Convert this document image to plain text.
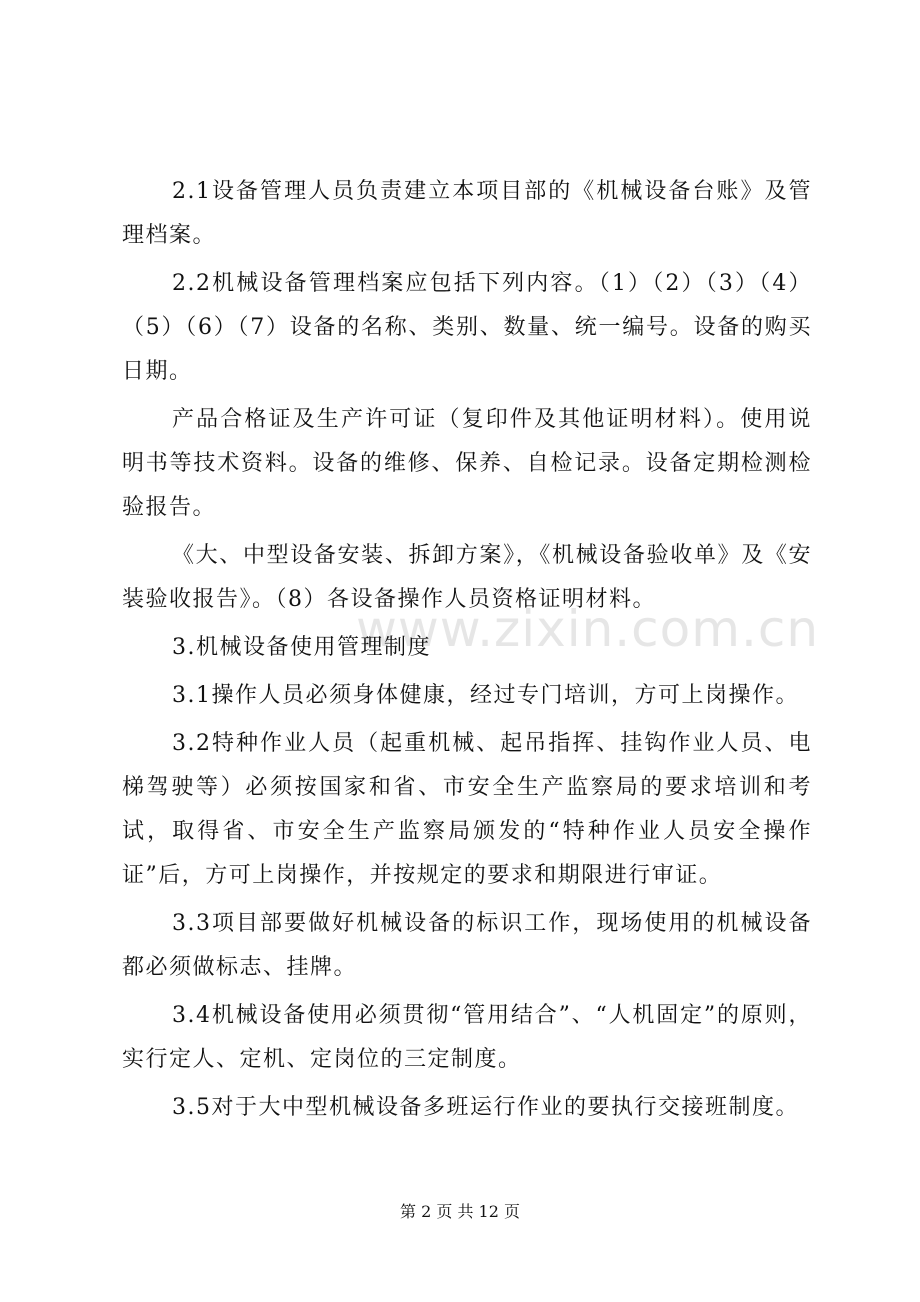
www.zixin.com.cn

2.1设备管理人员负责建立本项目部的《机械设备台账》及管理档案。

2.2机械设备管理档案应包括下列内容。（1）（2）（3）（4）（5）（6）（7）设备的名称、类别、数量、统一编号。设备的购买日期。

产品合格证及生产许可证（复印件及其他证明材料）。使用说明书等技术资料。设备的维修、保养、自检记录。设备定期检测检验报告。

《大、中型设备安装、拆卸方案》，《机械设备验收单》及《安装验收报告》。（8）各设备操作人员资格证明材料。

3.机械设备使用管理制度

3.1操作人员必须身体健康，经过专门培训，方可上岗操作。

3.2特种作业人员（起重机械、起吊指挥、挂钩作业人员、电梯驾驶等）必须按国家和省、市安全生产监察局的要求培训和考试，取得省、市安全生产监察局颁发的“特种作业人员安全操作证”后，方可上岗操作，并按规定的要求和期限进行审证。

3.3项目部要做好机械设备的标识工作，现场使用的机械设备都必须做标志、挂牌。

3.4机械设备使用必须贯彻“管用结合”、“人机固定”的原则，实行定人、定机、定岗位的三定制度。

3.5对于大中型机械设备多班运行作业的要执行交接班制度。

第 2 页 共 12 页
